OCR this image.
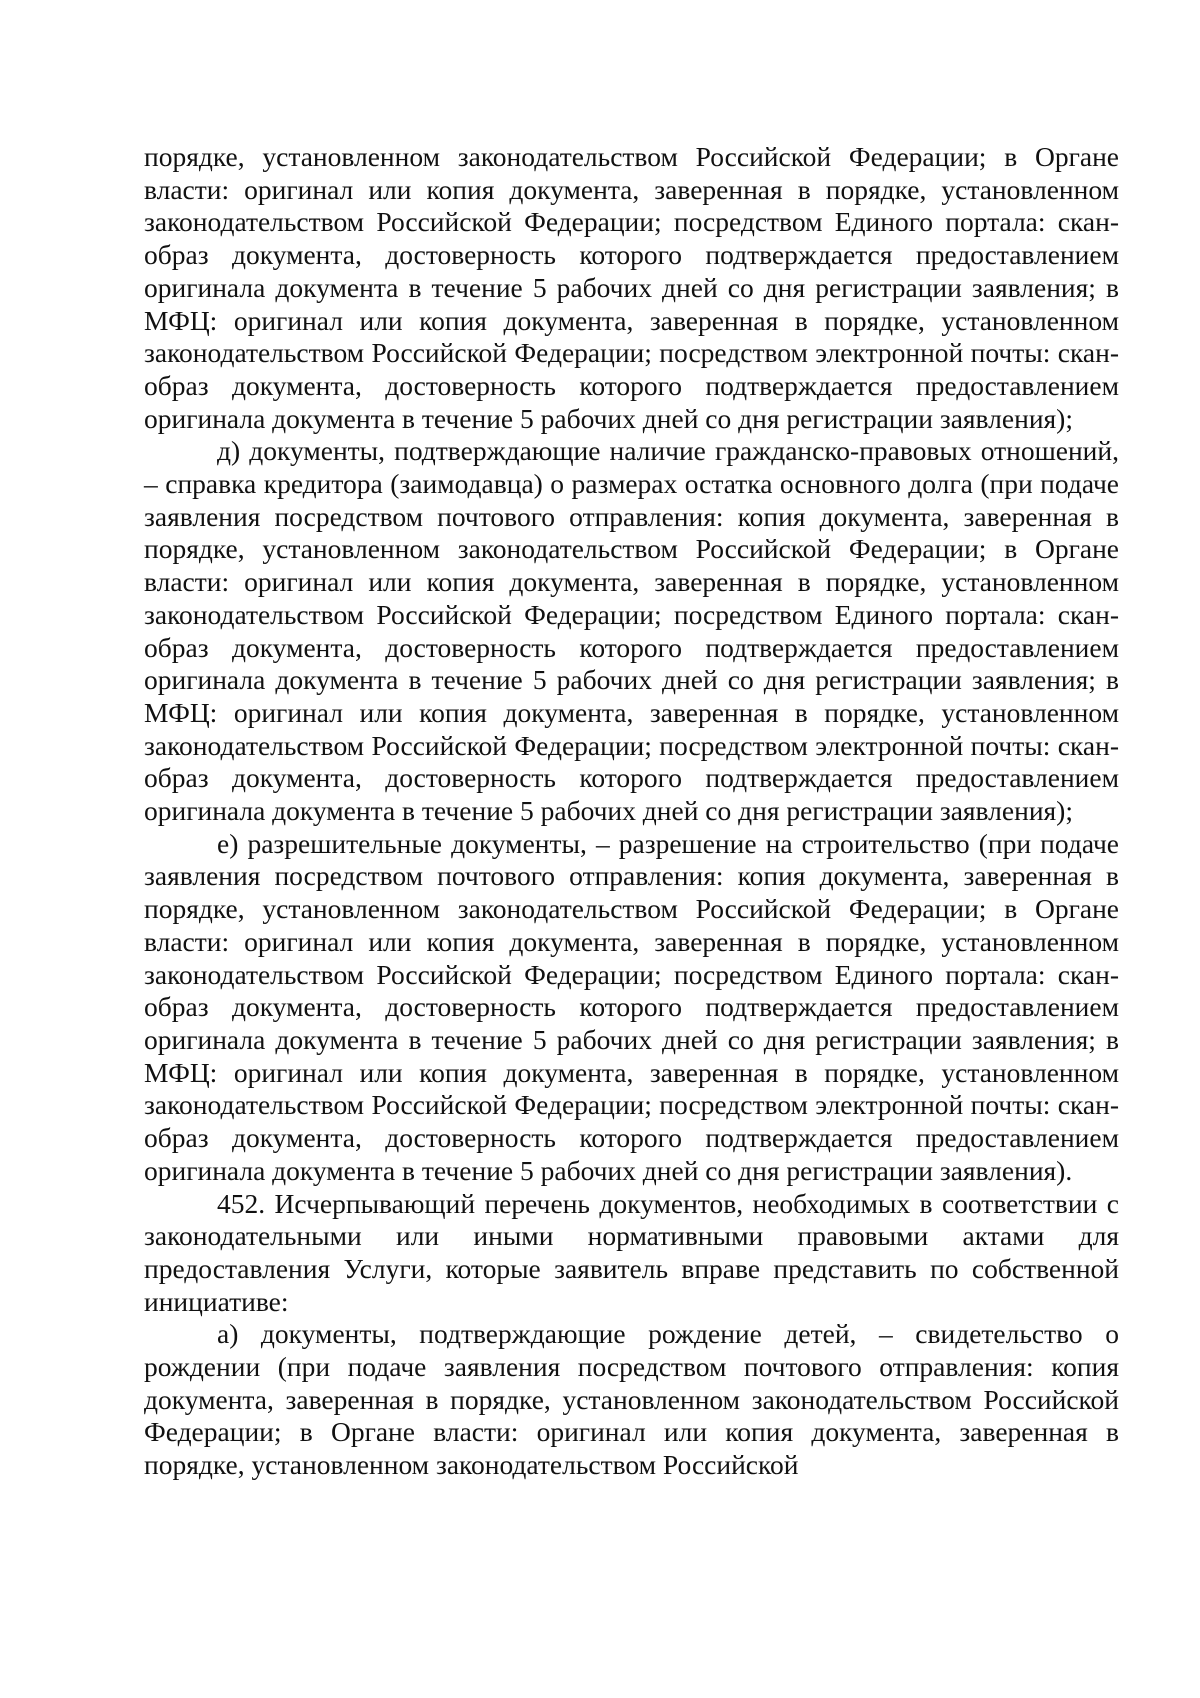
порядке, установленном законодательством Российской Федерации; в Органе власти: оригинал или копия документа, заверенная в порядке, установленном законодательством Российской Федерации; посредством Единого портала: скан-образ документа, достоверность которого подтверждается предоставлением оригинала документа в течение 5 рабочих дней со дня регистрации заявления; в МФЦ: оригинал или копия документа, заверенная в порядке, установленном законодательством Российской Федерации; посредством электронной почты: скан-образ документа, достоверность которого подтверждается предоставлением оригинала документа в течение 5 рабочих дней со дня регистрации заявления);

д) документы, подтверждающие наличие гражданско-правовых отношений, – справка кредитора (заимодавца) о размерах остатка основного долга (при подаче заявления посредством почтового отправления: копия документа, заверенная в порядке, установленном законодательством Российской Федерации; в Органе власти: оригинал или копия документа, заверенная в порядке, установленном законодательством Российской Федерации; посредством Единого портала: скан-образ документа, достоверность которого подтверждается предоставлением оригинала документа в течение 5 рабочих дней со дня регистрации заявления; в МФЦ: оригинал или копия документа, заверенная в порядке, установленном законодательством Российской Федерации; посредством электронной почты: скан-образ документа, достоверность которого подтверждается предоставлением оригинала документа в течение 5 рабочих дней со дня регистрации заявления);

е) разрешительные документы, – разрешение на строительство (при подаче заявления посредством почтового отправления: копия документа, заверенная в порядке, установленном законодательством Российской Федерации; в Органе власти: оригинал или копия документа, заверенная в порядке, установленном законодательством Российской Федерации; посредством Единого портала: скан-образ документа, достоверность которого подтверждается предоставлением оригинала документа в течение 5 рабочих дней со дня регистрации заявления; в МФЦ: оригинал или копия документа, заверенная в порядке, установленном законодательством Российской Федерации; посредством электронной почты: скан-образ документа, достоверность которого подтверждается предоставлением оригинала документа в течение 5 рабочих дней со дня регистрации заявления).

452. Исчерпывающий перечень документов, необходимых в соответствии с законодательными или иными нормативными правовыми актами для предоставления Услуги, которые заявитель вправе представить по собственной инициативе:

а) документы, подтверждающие рождение детей, – свидетельство о рождении (при подаче заявления посредством почтового отправления: копия документа, заверенная в порядке, установленном законодательством Российской Федерации; в Органе власти: оригинал или копия документа, заверенная в порядке, установленном законодательством Российской
